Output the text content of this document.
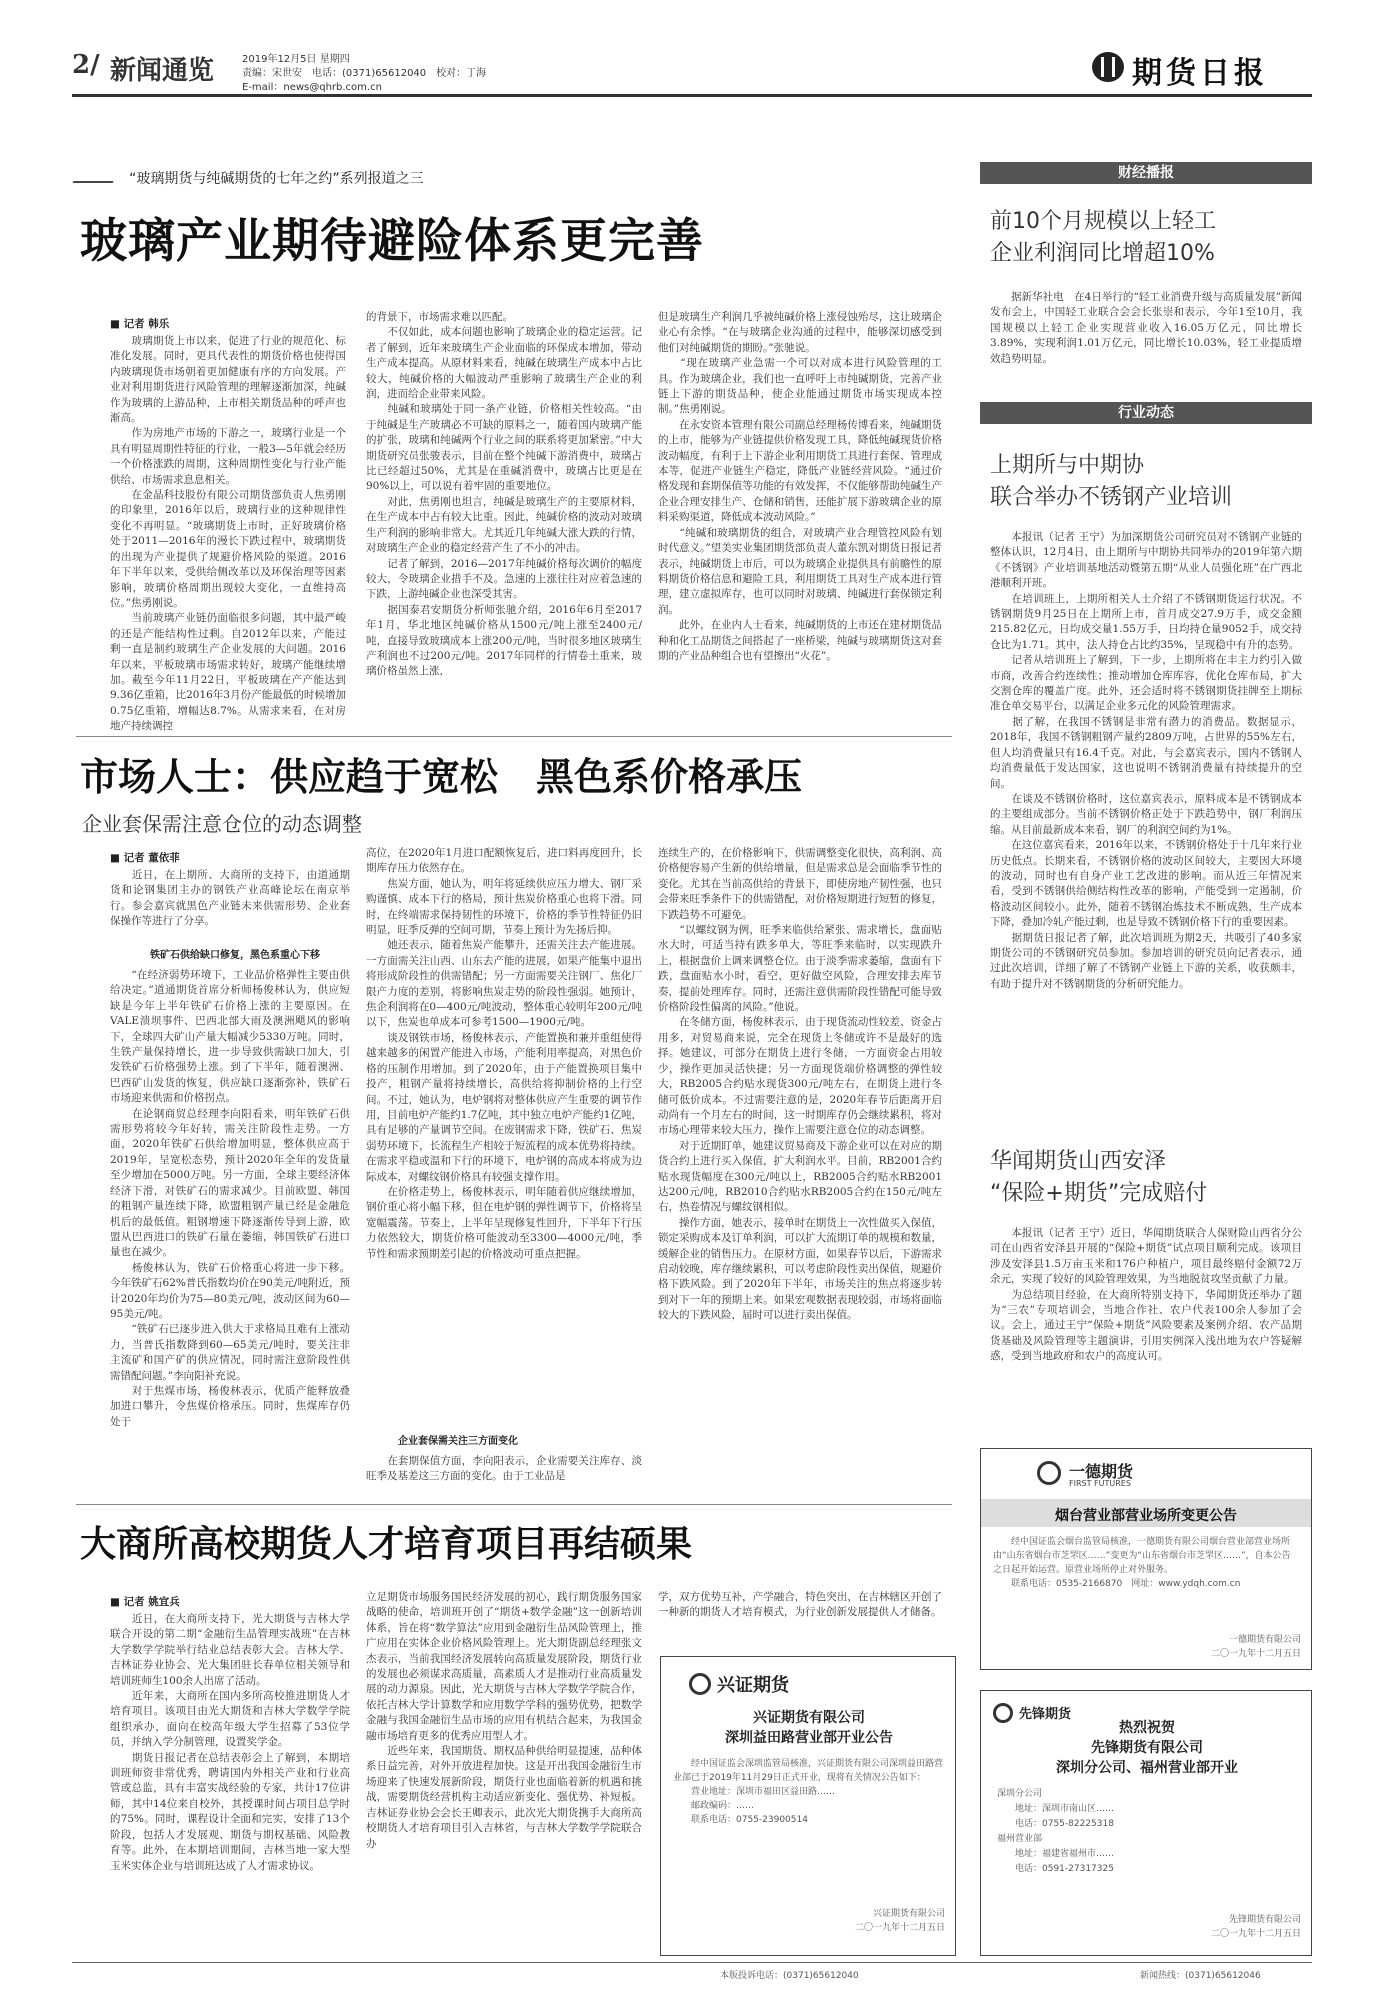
2/ 新闻通览	2019年12月5日 星期四
责编：宋世安　电话：(0371)65612040　校对：丁海
E-mail：news@qhrb.com.cn	期货日报
“玻璃期货与纯碱期货的七年之约”系列报道之三
玻璃产业期待避险体系更完善
■ 记者 韩乐
　　玻璃期货上市以来，促进了行业的规范化、标准化发展。同时，更具代表性的期货价格也使得国内玻璃现货市场朝着更加健康有序的方向发展。产业对利用期货进行风险管理的理解逐渐加深，纯碱作为玻璃的上游品种，上市相关期货品种的呼声也渐高。
　　作为房地产市场的下游之一，玻璃行业是一个具有明显周期性特征的行业，一般3—5年就会经历一个价格涨跌的周期，这种周期性变化与行业产能供给、市场需求息息相关。
　　在金晶科技股份有限公司期货部负责人焦勇刚的印象里，2016年以后，玻璃行业的这种规律性变化不再明显。“玻璃期货上市时，正好玻璃价格处于2011—2016年的漫长下跌过程中，玻璃期货的出现为产业提供了规避价格风险的渠道。2016年下半年以来，受供给侧改革以及环保治理等因素影响，玻璃价格周期出现较大变化，一直维持高位。”焦勇刚说。
　　当前玻璃产业链仍面临很多问题，其中最严峻的还是产能结构性过剩。自2012年以来，产能过剩一直是制约玻璃生产企业发展的大问题。2016年以来，平板玻璃市场需求转好，玻璃产能继续增加。截至今年11月22日，平板玻璃在产产能达到9.36亿重箱，比2016年3月份产能最低的时候增加0.75亿重箱，增幅达8.7%。从需求来看，在对房地产持续调控
的背景下，市场需求难以匹配。
　　不仅如此，成本问题也影响了玻璃企业的稳定运营。记者了解到，近年来玻璃生产企业面临的环保成本增加，带动生产成本提高。从原材料来看，纯碱在玻璃生产成本中占比较大，纯碱价格的大幅波动严重影响了玻璃生产企业的利润，进而给企业带来风险。
　　纯碱和玻璃处于同一条产业链，价格相关性较高。“由于纯碱是生产玻璃必不可缺的原料之一，随着国内玻璃产能的扩张，玻璃和纯碱两个行业之间的联系将更加紧密。”中大期货研究员张骏表示，目前在整个纯碱下游消费中，玻璃占比已经超过50%，尤其是在重碱消费中，玻璃占比更是在90%以上，可以说有着牢固的重要地位。
　　对此，焦勇刚也坦言，纯碱是玻璃生产的主要原材料，在生产成本中占有较大比重。因此，纯碱价格的波动对玻璃生产利润的影响非常大。尤其近几年纯碱大涨大跌的行情，对玻璃生产企业的稳定经营产生了不小的冲击。
　　记者了解到，2016—2017年纯碱价格每次调价的幅度较大，令玻璃企业措手不及。急速的上涨往往对应着急速的下跌，上游纯碱企业也深受其害。
　　据国泰君安期货分析师张驰介绍，2016年6月至2017年1月，华北地区纯碱价格从1500元/吨上涨至2400元/吨，直接导致玻璃成本上涨200元/吨，当时很多地区玻璃生产利润也不过200元/吨。2017年同样的行情卷土重来，玻璃价格虽然上涨，
但是玻璃生产利润几乎被纯碱价格上涨侵蚀殆尽，这让玻璃企业心有余悸。“在与玻璃企业沟通的过程中，能够深切感受到他们对纯碱期货的期盼。”张驰说。
　　“现在玻璃产业急需一个可以对成本进行风险管理的工具。作为玻璃企业，我们也一直呼吁上市纯碱期货，完善产业链上下游的期货品种，使企业能通过期货市场实现成本控制。”焦勇刚说。
　　在永安资本管理有限公司副总经理杨传博看来，纯碱期货的上市，能够为产业链提供价格发现工具，降低纯碱现货价格波动幅度，有利于上下游企业利用期货工具进行套保、管理成本等，促进产业链生产稳定，降低产业链经营风险。“通过价格发现和套期保值等功能的有效发挥，不仅能够帮助纯碱生产企业合理安排生产、仓储和销售，还能扩展下游玻璃企业的原料采购渠道，降低成本波动风险。”
　　“纯碱和玻璃期货的组合，对玻璃产业合理管控风险有划时代意义。”望美实业集团期货部负责人董东凯对期货日报记者表示，纯碱期货上市后，可以为玻璃企业提供具有前瞻性的原料期货价格信息和避险工具，利用期货工具对生产成本进行管理，建立虚拟库存，也可以同时对玻璃、纯碱进行套保锁定利润。
　　此外，在业内人士看来，纯碱期货的上市还在建材期货品种和化工品期货之间搭起了一座桥梁，纯碱与玻璃期货这对套期的产业品种组合也有望擦出“火花”。
市场人士：供应趋于宽松　黑色系价格承压
企业套保需注意仓位的动态调整
■ 记者 董依菲
　　近日，在上期所、大商所的支持下，由道通期货和论钢集团主办的钢铁产业高峰论坛在南京举行。参会嘉宾就黑色产业链未来供需形势、企业套保操作等进行了分享。
铁矿石供给缺口修复，黑色系重心下移
　　“在经济弱势环境下，工业品价格弹性主要由供给决定。”道通期货首席分析师杨俊林认为，供应短缺是今年上半年铁矿石价格上涨的主要原因。在VALE溃坝事件、巴西北部大雨及澳洲飓风的影响下，全球四大矿山产量大幅减少5330万吨。同时，生铁产量保持增长，进一步导致供需缺口加大，引发铁矿石价格强势上涨。到了下半年，随着澳洲、巴西矿山发货的恢复，供应缺口逐渐弥补，铁矿石市场迎来供需和价格拐点。
　　在论钢商贸总经理李向阳看来，明年铁矿石供需形势将较今年好转，需关注阶段性走势。一方面，2020年铁矿石供给增加明显，整体供应高于2019年，呈宽松态势，预计2020年全年的发货量至少增加在5000万吨。另一方面，全球主要经济体经济下滑，对铁矿石的需求减少。目前欧盟、韩国的粗钢产量连续下降，欧盟粗钢产量已经是金融危机后的最低值。粗钢增速下降逐渐传导到上游，欧盟从巴西进口的铁矿石量在萎缩，韩国铁矿石进口量也在减少。
　　杨俊林认为，铁矿石价格重心将进一步下移。今年铁矿石62%普氏指数均价在90美元/吨附近，预计2020年均价为75—80美元/吨，波动区间为60—95美元/吨。
　　“铁矿石已逐步进入供大于求格局且难有上涨动力，当普氏指数降到60—65美元/吨时，要关注非主流矿和国产矿的供应情况，同时需注意阶段性供需错配问题。”李向阳补充说。
　　对于焦煤市场，杨俊林表示，优质产能释放叠加进口攀升，令焦煤价格承压。同时，焦煤库存仍处于
高位，在2020年1月进口配额恢复后，进口料再度回升，长期库存压力依然存在。
　　焦炭方面，她认为，明年将延续供应压力增大、钢厂采购谨慎、成本下行的格局，预计焦炭价格重心也将下滑。同时，在终端需求保持韧性的环境下，价格的季节性特征仍旧明显，旺季反弹的空间可期，节奏上预计为先扬后抑。
　　她还表示，随着焦炭产能攀升，还需关注去产能进展。一方面需关注山西、山东去产能的进展，如果产能集中退出将形成阶段性的供需错配；另一方面需要关注钢厂、焦化厂限产力度的差别，将影响焦炭走势的阶段性强弱。她预计，焦企利润将在0—400元/吨波动，整体重心较明年200元/吨以下，焦炭也单成本可参考1500—1900元/吨。
　　谈及钢铁市场，杨俊林表示，产能置换和兼并重组使得越来越多的闲置产能进入市场，产能利用率提高，对黑色价格的压制作用增加。到了2020年，由于产能置换项目集中投产，粗钢产量将持续增长，高供给将抑制价格的上行空间。不过，她认为，电炉钢将对整体供应产生重要的调节作用，目前电炉产能约1.7亿吨，其中独立电炉产能约1亿吨，具有足够的产量调节空间。在废钢需求下降，铁矿石、焦炭弱势环境下，长流程生产相较于短流程的成本优势将持续。在需求平稳或温和下行的环境下，电炉钢的高成本将成为边际成本，对螺纹钢价格具有较强支撑作用。
　　在价格走势上，杨俊林表示，明年随着供应继续增加，钢价重心将小幅下移，但在电炉钢的弹性调节下，价格将呈宽幅震荡。节奏上，上半年呈现修复性回升，下半年下行压力依然较大，期货价格可能波动至3300—4000元/吨，季节性和需求预期差引起的价格波动可重点把握。
企业套保需关注三方面变化
　　在套期保值方面，李向阳表示，企业需要关注库存、淡旺季及基差这三方面的变化。由于工业品是
连续生产的，在价格影响下，供需调整变化很快，高利润、高价格便容易产生新的供给增量，但是需求总是会面临季节性的变化。尤其在当前高供给的背景下，即使房地产韧性强，也只会带来旺季条件下的供需错配，对价格短期进行短暂的修复，下跌趋势不可避免。
　　“以螺纹钢为例，旺季来临供给紧张、需求增长，盘面贴水大时，可适当持有跌多单大，等旺季来临时，以实现跌升上，根据盘价上调来调整仓位。由于淡季需求萎缩，盘面有下跌，盘面贴水小时，看空，更好做空风险，合理安排去库节奏，提前处理库存。同时，还需注意供需阶段性错配可能导致价格阶段性偏离的风险。”他说。
　　在冬储方面，杨俊林表示，由于现货流动性较差、资金占用多，对贸易商来说，完全在现货上冬储或许不是最好的选择。她建议，可部分在期货上进行冬储，一方面资金占用较少，操作更加灵活快捷；另一方面现货端价格调整的弹性较大，RB2005合约贴水现货300元/吨左右，在期货上进行冬储可低价成本。不过需要注意的是，2020年春节后距离开启动尚有一个月左右的时间，这一时期库存仍会继续累积，将对市场心理带来较大压力，操作上需要注意仓位的动态调整。
　　对于近期盯单，她建议贸易商及下游企业可以在对应的期货合约上进行买入保值，扩大利润水平。目前，RB2001合约贴水现货幅度在300元/吨以上，RB2005合约贴水RB2001达200元/吨，RB2010合约贴水RB2005合约在150元/吨左右，热卷情况与螺纹钢相似。
　　操作方面，她表示，接单时在期货上一次性做买入保值，锁定采购成本及订单利润，可以扩大流期订单的规模和数量，缓解企业的销售压力。在原材方面，如果春节以后，下游需求启动较晚，库存继续累积，可以考虑阶段性卖出保值，规避价格下跌风险。到了2020年下半年，市场关注的焦点将逐步转到对下一年的预期上来。如果宏观数据表现较弱，市场将面临较大的下跌风险，届时可以进行卖出保值。
大商所高校期货人才培育项目再结硕果
■ 记者 姚宜兵
　　近日，在大商所支持下，光大期货与吉林大学联合开设的第二期“金融衍生品管理实战班”在吉林大学数学学院举行结业总结表彰大会。吉林大学、吉林证券业协会、光大集团驻长春单位相关领导和培训班师生100余人出席了活动。
　　近年来，大商所在国内多所高校推进期货人才培育项目。该项目由光大期货和吉林大学数学学院组织承办，面向在校高年级大学生招募了53位学员，并纳入学分制管理，设置奖学金。
　　期货日报记者在总结表彰会上了解到，本期培训班师资非常优秀，聘请国内外相关产业和行业高管或总监，具有丰富实战经验的专家，共计17位讲师，其中14位来自校外，其授课时间占项目总学时的75%。同时，课程设计全面和完实，安排了13个阶段，包括人才发展观、期货与期权基础、风险教育等。此外，在本期培训期间，吉林当地一家大型玉米实体企业与培训班达成了人才需求协议。
立足期货市场服务国民经济发展的初心，践行期货服务国家战略的使命，培训班开创了“期货+数学金融”这一创新培训体系，旨在将“数学算法”应用到金融衍生品风险管理上，推广应用在实体企业价格风险管理上。光大期货副总经理张文杰表示，当前我国经济发展转向高质量发展阶段，期货行业的发展也必须谋求高质量，高素质人才是推动行业高质量发展的动力源泉。因此，光大期货与吉林大学数学学院合作，依托吉林大学计算数学和应用数学学科的强势优势，把数学金融与我国金融衍生品市场的应用有机结合起来，为我国金融市场培育更多的优秀应用型人才。
　　近些年来，我国期货、期权品种供给明显提速，品种体系日益完善，对外开放进程加快。这是开出我国金融衍生市场迎来了快速发展新阶段，期货行业也面临着新的机遇和挑战，需要期货经营机构主动适应新变化、强优势、补短板。吉林证券业协会会长王卿表示，此次光大期货携手大商所高校期货人才培育项目引入吉林省，与吉林大学数学学院联合办
学，双方优势互补，产学融合，特色突出，在吉林辖区开创了一种新的期货人才培育模式，为行业创新发展提供人才储备。
兴证期货
兴证期货有限公司
深圳益田路营业部开业公告
　　经中国证监会深圳监管局核准，兴证期货有限公司深圳益田路营业部已于2019年11月29日正式开业，现将有关情况公告如下：
　　营业地址：深圳市福田区益田路……
　　邮政编码：……
　　联系电话：0755-23900514
兴证期货有限公司
二〇一九年十二月五日
财经播报
前10个月规模以上轻工
企业利润同比增超10%
　　据新华社电　在4日举行的“轻工业消费升级与高质量发展”新闻发布会上，中国轻工业联合会会长张崇和表示，今年1至10月，我国规模以上轻工企业实现营业收入16.05万亿元，同比增长3.89%，实现利润1.01万亿元，同比增长10.03%，轻工业提质增效趋势明显。
行业动态
上期所与中期协
联合举办不锈钢产业培训
　　本报讯（记者 王宁）为加深期货公司研究员对不锈钢产业链的整体认识，12月4日，由上期所与中期协共同举办的2019年第六期《不锈钢》产业培训基地活动暨第五期“从业人员强化班”在广西北港顺利开班。
　　在培训班上，上期所相关人士介绍了不锈钢期货运行状况。不锈钢期货9月25日在上期所上市，首月成交27.9万手，成交金额215.82亿元，日均成交量1.55万手，日均持仓量9052手，成交持仓比为1.71。其中，法人持仓占比约35%，呈现稳中有升的态势。
　　记者从培训班上了解到，下一步，上期所将在丰主力约引入做市商，改善合约连续性；推动增加仓库库容，优化仓库布局，扩大交割仓库的覆盖广度。此外，还会适时将不锈钢期货挂牌至上期标准仓单交易平台，以满足企业多元化的风险管理需求。
　　据了解，在我国不锈钢是非常有潜力的消费品。数据显示，2018年，我国不锈钢粗钢产量约2809万吨，占世界的55%左右，但人均消费量只有16.4千克。对此，与会嘉宾表示，国内不锈钢人均消费量低于发达国家，这也说明不锈钢消费量有持续提升的空间。
　　在谈及不锈钢价格时，这位嘉宾表示，原料成本是不锈钢成本的主要组成部分。当前不锈钢价格正处于下跌趋势中，钢厂利润压缩。从目前最新成本来看，钢厂的利润空间约为1%。
　　在这位嘉宾看来，2016年以来，不锈钢价格处于十几年来行业历史低点。长期来看，不锈钢价格的波动区间较大，主要因大环境的波动，同时也有自身产业工艺改进的影响。而从近三年情况来看，受到不锈钢供给侧结构性改革的影响，产能受到一定遏制，价格波动区间较小。此外，随着不锈钢冶炼技术不断成熟，生产成本下降，叠加冷轧产能过剩，也是导致不锈钢价格下行的重要因素。
　　据期货日报记者了解，此次培训班为期2天，共吸引了40多家期货公司的不锈钢研究员参加。参加培训的研究员向记者表示，通过此次培训，详细了解了不锈钢产业链上下游的关系，收获颇丰，有助于提升对不锈钢期货的分析研究能力。
华闻期货山西安泽
“保险+期货”完成赔付
　　本报讯（记者 王宁）近日，华闻期货联合人保财险山西省分公司在山西省安泽县开展的“保险+期货”试点项目顺利完成。该项目涉及安泽县1.5万亩玉米和176户种植户，项目最终赔付金额72万余元，实现了较好的风险管理效果，为当地脱贫攻坚贡献了力量。
　　为总结项目经验，在大商所特别支持下，华闻期货还举办了题为“三农”专项培训会，当地合作社、农户代表100余人参加了会议。会上，通过王宁“保险+期货”风险要素及案例介绍、农产品期货基础及风险管理等主题演讲，引用实例深入浅出地为农户答疑解惑，受到当地政府和农户的高度认可。
一德期货
FIRST FUTURES
烟台营业部营业场所变更公告
　　经中国证监会烟台监管局核准，一德期货有限公司烟台营业部营业场所由“山东省烟台市芝罘区……”变更为“山东省烟台市芝罘区……”，自本公告之日起开始运营。原营业场所停止对外服务。
　　联系电话：0535-2166870　网址：www.ydqh.com.cn
一德期货有限公司
二〇一九年十二月五日
先锋期货
热烈祝贺
先锋期货有限公司
深圳分公司、福州营业部开业
深圳分公司
　　地址：深圳市南山区……
　　电话：0755-82225318
福州营业部
　　地址：福建省福州市……
　　电话：0591-27317325
先锋期货有限公司
二〇一九年十二月五日
本版投诉电话：(0371)65612040	新闻热线：(0371)65612046
